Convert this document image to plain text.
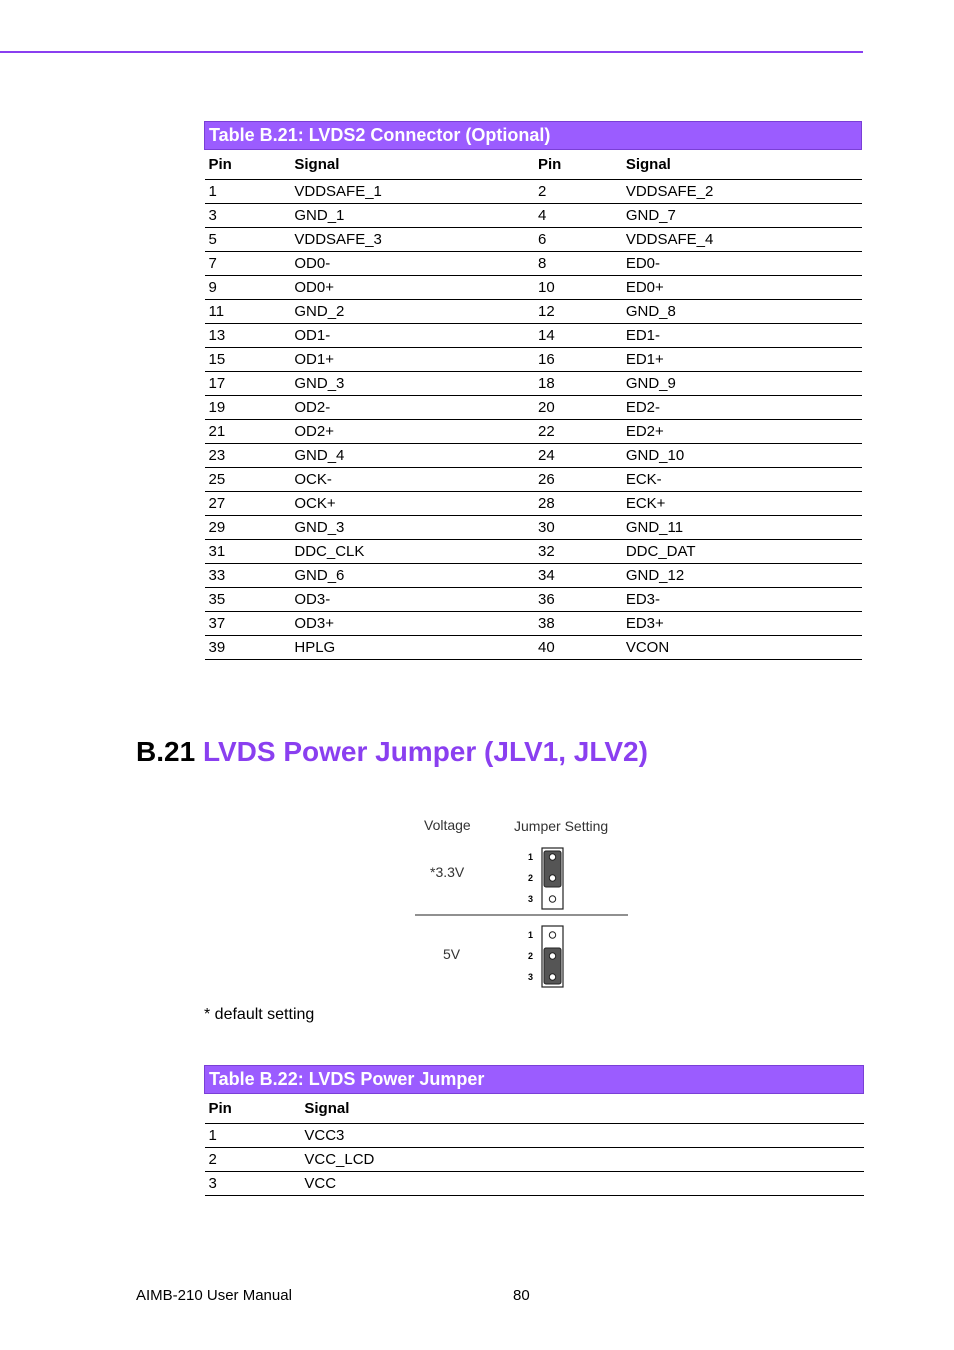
Table B.21: LVDS2 Connector (Optional)			
Pin	Signal	Pin	Signal
1	VDDSAFE_1	2	VDDSAFE_2
3	GND_1	4	GND_7
5	VDDSAFE_3	6	VDDSAFE_4
7	OD0-	8	ED0-
9	OD0+	10	ED0+
11	GND_2	12	GND_8
13	OD1-	14	ED1-
15	OD1+	16	ED1+
17	GND_3	18	GND_9
19	OD2-	20	ED2-
21	OD2+	22	ED2+
23	GND_4	24	GND_10
25	OCK-	26	ECK-
27	OCK+	28	ECK+
29	GND_3	30	GND_11
31	DDC_CLK	32	DDC_DAT
33	GND_6	34	GND_12
35	OD3-	36	ED3-
37	OD3+	38	ED3+
39	HPLG	40	VCON
B.21 LVDS Power Jumper (JLV1, JLV2)
Voltage	Jumper Setting
*3.3V
5V
1
2
3
1
2
3
* default setting
Table B.22: LVDS Power Jumper	
Pin	Signal
1	VCC3
2	VCC_LCD
3	VCC
AIMB-210 User Manual	80
